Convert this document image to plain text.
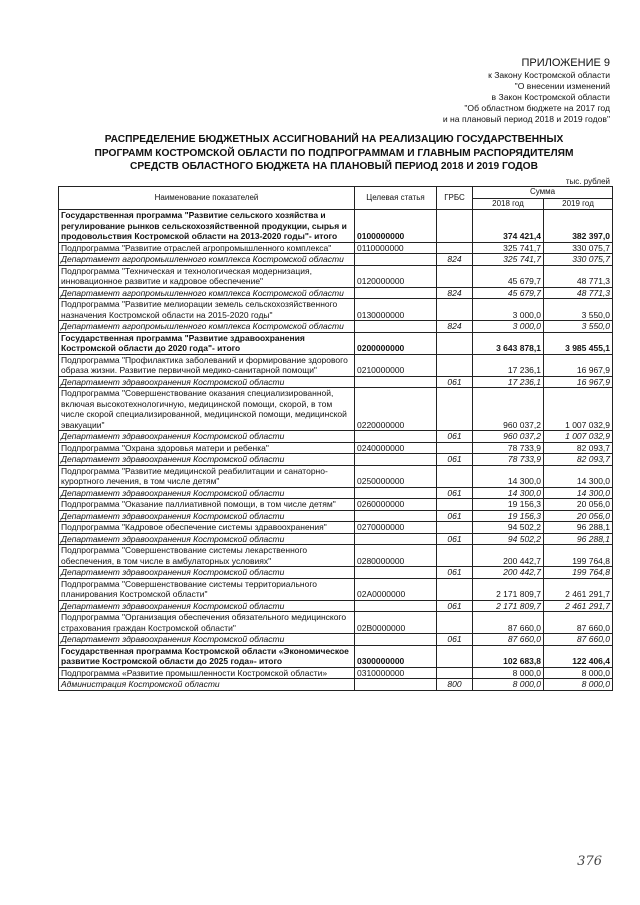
ПРИЛОЖЕНИЕ 9
к Закону Костромской области
"О внесении изменений
в Закон Костромской области
"Об областном бюджете на 2017 год
и на плановый период 2018 и 2019 годов"
РАСПРЕДЕЛЕНИЕ БЮДЖЕТНЫХ АССИГНОВАНИЙ НА РЕАЛИЗАЦИЮ ГОСУДАРСТВЕННЫХ
ПРОГРАММ КОСТРОМСКОЙ ОБЛАСТИ ПО ПОДПРОГРАММАМ И ГЛАВНЫМ РАСПОРЯДИТЕЛЯМ
СРЕДСТВ ОБЛАСТНОГО БЮДЖЕТА НА ПЛАНОВЫЙ ПЕРИОД 2018 И 2019 ГОДОВ
тыс. рублей
Наименование показателей	Целевая статья	ГРБС	Сумма	
			2018 год	2019 год
Государственная программа "Развитие сельского хозяйства и регулирование рынков сельскохозяйственной продукции, сырья и продовольствия Костромской области на 2013-2020 годы"- итого	0100000000		374 421,4	382 397,0
Подпрограмма "Развитие отраслей агропромышленного комплекса"	0110000000		325 741,7	330 075,7
Департамент агропромышленного комплекса Костромской области		824	325 741,7	330 075,7
Подпрограмма "Техническая и технологическая модернизация, инновационное развитие и кадровое обеспечение"	0120000000		45 679,7	48 771,3
Департамент агропромышленного комплекса Костромской области		824	45 679,7	48 771,3
Подпрограмма "Развитие мелиорации земель сельскохозяйственного назначения Костромской области на 2015-2020 годы"	0130000000		3 000,0	3 550,0
Департамент агропромышленного комплекса Костромской области		824	3 000,0	3 550,0
Государственная программа "Развитие здравоохранения Костромской области до 2020 года"- итого	0200000000		3 643 878,1	3 985 455,1
Подпрограмма "Профилактика заболеваний и формирование здорового образа жизни. Развитие первичной медико-санитарной помощи"	0210000000		17 236,1	16 967,9
Департамент здравоохранения Костромской области		061	17 236,1	16 967,9
Подпрограмма "Совершенствование оказания специализированной, включая высокотехнологичную, медицинской помощи, скорой, в том числе скорой специализированной, медицинской помощи, медицинской эвакуации"	0220000000		960 037,2	1 007 032,9
Департамент здравоохранения Костромской области		061	960 037,2	1 007 032,9
Подпрограмма "Охрана здоровья матери и ребенка"	0240000000		78 733,9	82 093,7
Департамент здравоохранения Костромской области		061	78 733,9	82 093,7
Подпрограмма "Развитие медицинской реабилитации и санаторно-курортного лечения, в том числе детям"	0250000000		14 300,0	14 300,0
Департамент здравоохранения Костромской области		061	14 300,0	14 300,0
Подпрограмма "Оказание паллиативной помощи, в том числе детям"	0260000000		19 156,3	20 056,0
Департамент здравоохранения Костромской области		061	19 156,3	20 056,0
Подпрограмма "Кадровое обеспечение системы здравоохранения"	0270000000		94 502,2	96 288,1
Департамент здравоохранения Костромской области		061	94 502,2	96 288,1
Подпрограмма "Совершенствование системы лекарственного обеспечения, в том числе в амбулаторных условиях"	0280000000		200 442,7	199 764,8
Департамент здравоохранения Костромской области		061	200 442,7	199 764,8
Подпрограмма "Совершенствование системы территориального планирования Костромской области"	02А0000000		2 171 809,7	2 461 291,7
Департамент здравоохранения Костромской области		061	2 171 809,7	2 461 291,7
Подпрограмма "Организация обеспечения обязательного медицинского страхования граждан Костромской области"	02В0000000		87 660,0	87 660,0
Департамент здравоохранения Костромской области		061	87 660,0	87 660,0
Государственная программа Костромской области «Экономическое развитие Костромской области до 2025 года»- итого	0300000000		102 683,8	122 406,4
Подпрограмма «Развитие промышленности Костромской области»	0310000000		8 000,0	8 000,0
Администрация Костромской области		800	8 000,0	8 000,0
376
